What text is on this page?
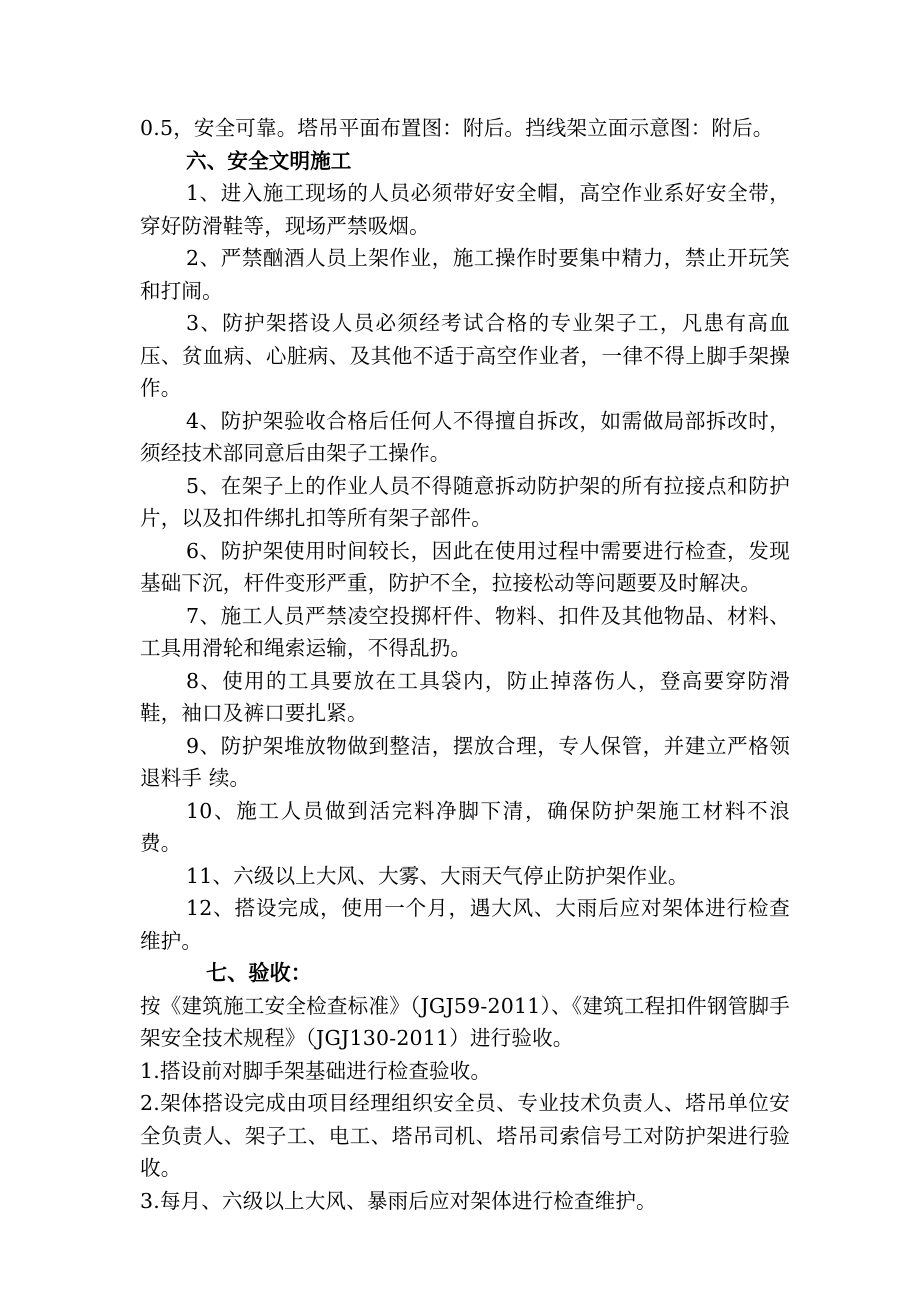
0.5，安全可靠。塔吊平面布置图：附后。挡线架立面示意图：附后。

六、安全文明施工

1、进入施工现场的人员必须带好安全帽，高空作业系好安全带，穿好防滑鞋等，现场严禁吸烟。

2、严禁酗酒人员上架作业，施工操作时要集中精力，禁止开玩笑和打闹。

3、防护架搭设人员必须经考试合格的专业架子工，凡患有高血压、贫血病、心脏病、及其他不适于高空作业者，一律不得上脚手架操作。

4、防护架验收合格后任何人不得擅自拆改，如需做局部拆改时，须经技术部同意后由架子工操作。

5、在架子上的作业人员不得随意拆动防护架的所有拉接点和防护片，以及扣件绑扎扣等所有架子部件。

6、防护架使用时间较长，因此在使用过程中需要进行检查，发现基础下沉，杆件变形严重，防护不全，拉接松动等问题要及时解决。

7、施工人员严禁凌空投掷杆件、物料、扣件及其他物品、材料、工具用滑轮和绳索运输，不得乱扔。

8、使用的工具要放在工具袋内，防止掉落伤人，登高要穿防滑鞋，袖口及裤口要扎紧。

9、防护架堆放物做到整洁，摆放合理，专人保管，并建立严格领退料手 续。

10、施工人员做到活完料净脚下清，确保防护架施工材料不浪费。

11、六级以上大风、大雾、大雨天气停止防护架作业。

12、搭设完成，使用一个月，遇大风、大雨后应对架体进行检查维护。

七、验收：

按《建筑施工安全检查标准》（JGJ59-2011）、《建筑工程扣件钢管脚手架安全技术规程》（JGJ130-2011）进行验收。

1.搭设前对脚手架基础进行检查验收。

2.架体搭设完成由项目经理组织安全员、专业技术负责人、塔吊单位安全负责人、架子工、电工、塔吊司机、塔吊司索信号工对防护架进行验收。

3.每月、六级以上大风、暴雨后应对架体进行检查维护。
